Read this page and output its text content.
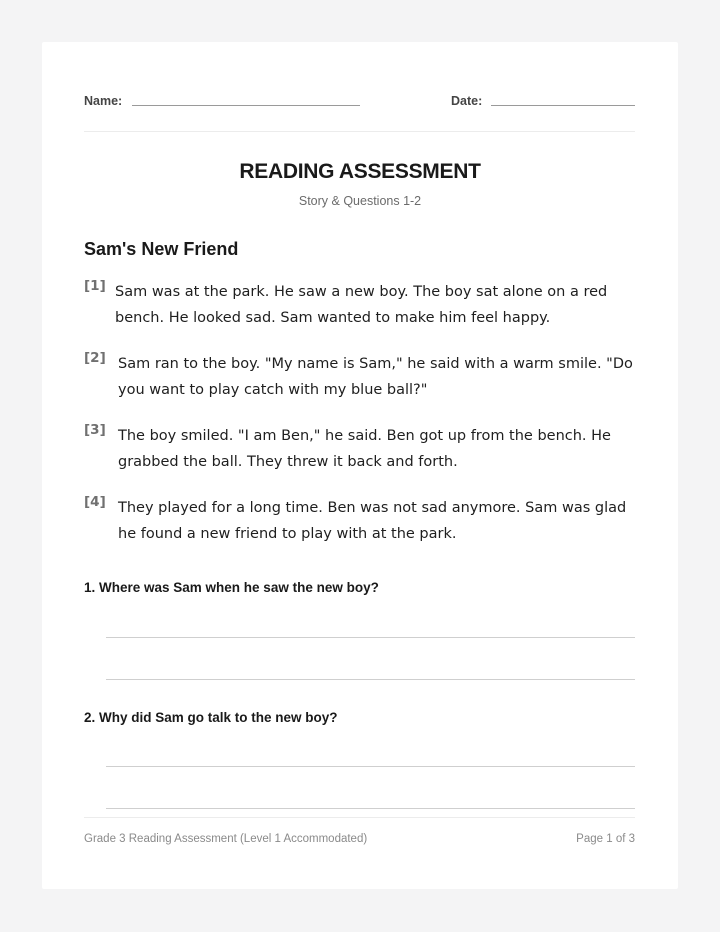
Name:	Date:
READING ASSESSMENT
Story & Questions 1-2
Sam's New Friend
[1] Sam was at the park. He saw a new boy. The boy sat alone on a red bench. He looked sad. Sam wanted to make him feel happy.
[2] Sam ran to the boy. "My name is Sam," he said with a warm smile. "Do you want to play catch with my blue ball?"
[3] The boy smiled. "I am Ben," he said. Ben got up from the bench. He grabbed the ball. They threw it back and forth.
[4] They played for a long time. Ben was not sad anymore. Sam was glad he found a new friend to play with at the park.
1. Where was Sam when he saw the new boy?
2. Why did Sam go talk to the new boy?
Grade 3 Reading Assessment (Level 1 Accommodated)	Page 1 of 3
